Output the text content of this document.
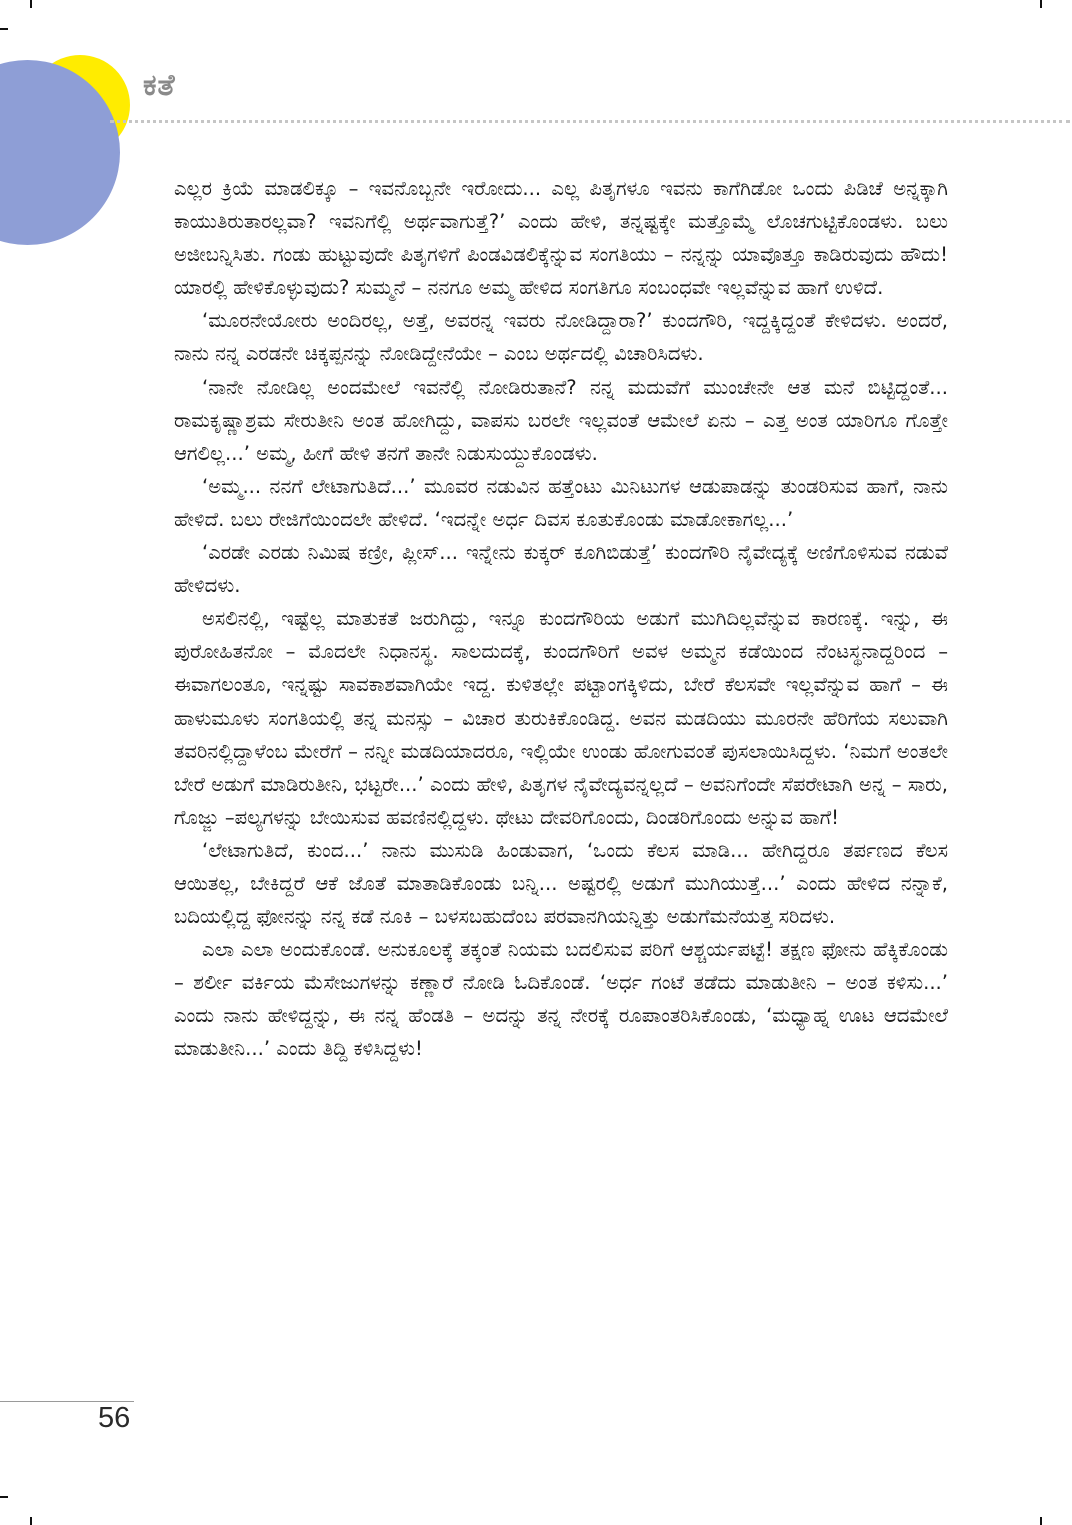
ಕತೆ

ಎಲ್ಲರ ಕ್ರಿಯೆ ಮಾಡಲಿಕ್ಕೂ – ಇವನೊಬ್ಬನೇ ಇರೋದು... ಎಲ್ಲ ಪಿತೃಗಳೂ ಇವನು ಕಾಗೆಗಿಡೋ ಒಂದು ಪಿಡಿಚೆ ಅನ್ನಕ್ಕಾಗಿ ಕಾಯುತಿರುತಾರಲ್ಲವಾ? ಇವನಿಗೆಲ್ಲಿ ಅರ್ಥವಾಗುತ್ತೆ?’ ಎಂದು ಹೇಳಿ, ತನ್ನಷ್ಟಕ್ಕೇ ಮತ್ತೊಮ್ಮೆ ಲೊಚಗುಟ್ಟಿಕೊಂಡಳು. ಬಲು ಅಜೀಬನ್ನಿಸಿತು. ಗಂಡು ಹುಟ್ಟುವುದೇ ಪಿತೃಗಳಿಗೆ ಪಿಂಡವಿಡಲಿಕ್ಕೆನ್ನುವ ಸಂಗತಿಯು – ನನ್ನನ್ನು ಯಾವೊತ್ತೂ ಕಾಡಿರುವುದು ಹೌದು! ಯಾರಲ್ಲಿ ಹೇಳಿಕೊಳ್ಳುವುದು? ಸುಮ್ಮನೆ – ನನಗೂ ಅಮ್ಮ ಹೇಳಿದ ಸಂಗತಿಗೂ ಸಂಬಂಧವೇ ಇಲ್ಲವೆನ್ನುವ ಹಾಗೆ ಉಳಿದೆ.

‘ಮೂರನೇಯೋರು ಅಂದಿರಲ್ಲ, ಅತ್ತೆ, ಅವರನ್ನ ಇವರು ನೋಡಿದ್ದಾರಾ?’ ಕುಂದಗೌರಿ, ಇದ್ದಕ್ಕಿದ್ದಂತೆ ಕೇಳಿದಳು. ಅಂದರೆ, ನಾನು ನನ್ನ ಎರಡನೇ ಚಿಕ್ಕಪ್ಪನನ್ನು ನೋಡಿದ್ದೇನೆಯೇ – ಎಂಬ ಅರ್ಥದಲ್ಲಿ ವಿಚಾರಿಸಿದಳು.

‘ನಾನೇ ನೋಡಿಲ್ಲ ಅಂದಮೇಲೆ ಇವನೆಲ್ಲಿ ನೋಡಿರುತಾನೆ? ನನ್ನ ಮದುವೆಗೆ ಮುಂಚೇನೇ ಆತ ಮನೆ ಬಿಟ್ಟಿದ್ದಂತೆ... ರಾಮಕೃಷ್ಣಾಶ್ರಮ ಸೇರುತೀನಿ ಅಂತ ಹೋಗಿದ್ದು, ವಾಪಸು ಬರಲೇ ಇಲ್ಲವಂತೆ ಆಮೇಲೆ ಏನು – ಎತ್ತ ಅಂತ ಯಾರಿಗೂ ಗೊತ್ತೇ ಆಗಲಿಲ್ಲ...’ ಅಮ್ಮ, ಹೀಗೆ ಹೇಳಿ ತನಗೆ ತಾನೇ ನಿಡುಸುಯ್ದುಕೊಂಡಳು.

‘ಅಮ್ಮ... ನನಗೆ ಲೇಟಾಗುತಿದೆ...’ ಮೂವರ ನಡುವಿನ ಹತ್ತೆಂಟು ಮಿನಿಟುಗಳ ಆಡುಪಾಡನ್ನು ತುಂಡರಿಸುವ ಹಾಗೆ, ನಾನು ಹೇಳಿದೆ. ಬಲು ರೇಜಿಗೆಯಿಂದಲೇ ಹೇಳಿದೆ. ‘ಇದನ್ನೇ ಅರ್ಧ ದಿವಸ ಕೂತುಕೊಂಡು ಮಾಡೋಕಾಗಲ್ಲ...’

‘ಎರಡೇ ಎರಡು ನಿಮಿಷ ಕಣ್ರೀ, ಪ್ಲೀಸ್... ಇನ್ನೇನು ಕುಕ್ಕರ್ ಕೂಗಿಬಿಡುತ್ತೆ’ ಕುಂದಗೌರಿ ನೈವೇದ್ಯಕ್ಕೆ ಅಣಿಗೊಳಿಸುವ ನಡುವೆ ಹೇಳಿದಳು.

ಅಸಲಿನಲ್ಲಿ, ಇಷ್ಟೆಲ್ಲ ಮಾತುಕತೆ ಜರುಗಿದ್ದು, ಇನ್ನೂ ಕುಂದಗೌರಿಯ ಅಡುಗೆ ಮುಗಿದಿಲ್ಲವೆನ್ನುವ ಕಾರಣಕ್ಕೆ. ಇನ್ನು, ಈ ಪುರೋಹಿತನೋ – ಮೊದಲೇ ನಿಧಾನಸ್ಥ. ಸಾಲದುದಕ್ಕೆ, ಕುಂದಗೌರಿಗೆ ಅವಳ ಅಮ್ಮನ ಕಡೆಯಿಂದ ನೆಂಟಸ್ಥನಾದ್ದರಿಂದ – ಈವಾಗಲಂತೂ, ಇನ್ನಷ್ಟು ಸಾವಕಾಶವಾಗಿಯೇ ಇದ್ದ. ಕುಳಿತಲ್ಲೇ ಪಟ್ಟಾಂಗಕ್ಕಿಳಿದು, ಬೇರೆ ಕೆಲಸವೇ ಇಲ್ಲವೆನ್ನುವ ಹಾಗೆ – ಈ ಹಾಳುಮೂಳು ಸಂಗತಿಯಲ್ಲಿ ತನ್ನ ಮನಸ್ಸು – ವಿಚಾರ ತುರುಕಿಕೊಂಡಿದ್ದ. ಅವನ ಮಡದಿಯು ಮೂರನೇ ಹೆರಿಗೆಯ ಸಲುವಾಗಿ ತವರಿನಲ್ಲಿದ್ದಾಳೆಂಬ ಮೇರೆಗೆ – ನನ್ನೀ ಮಡದಿಯಾದರೂ, ಇಲ್ಲಿಯೇ ಉಂಡು ಹೋಗುವಂತೆ ಪುಸಲಾಯಿಸಿದ್ದಳು. ‘ನಿಮಗೆ ಅಂತಲೇ ಬೇರೆ ಅಡುಗೆ ಮಾಡಿರುತೀನಿ, ಭಟ್ಟರೇ...’ ಎಂದು ಹೇಳಿ, ಪಿತೃಗಳ ನೈವೇದ್ಯವನ್ನಲ್ಲದೆ – ಅವನಿಗೆಂದೇ ಸೆಪರೇಟಾಗಿ ಅನ್ನ – ಸಾರು, ಗೊಜ್ಜು –ಪಲ್ಯಗಳನ್ನು ಬೇಯಿಸುವ ಹವಣಿನಲ್ಲಿದ್ದಳು. ಥೇಟು ದೇವರಿಗೊಂದು, ದಿಂಡರಿಗೊಂದು ಅನ್ನುವ ಹಾಗೆ!

‘ಲೇಟಾಗುತಿದೆ, ಕುಂದ...’ ನಾನು ಮುಸುಡಿ ಹಿಂಡುವಾಗ, ‘ಒಂದು ಕೆಲಸ ಮಾಡಿ... ಹೇಗಿದ್ದರೂ ತರ್ಪಣದ ಕೆಲಸ ಆಯಿತಲ್ಲ, ಬೇಕಿದ್ದರೆ ಆಕೆ ಜೊತೆ ಮಾತಾಡಿಕೊಂಡು ಬನ್ನಿ... ಅಷ್ಟರಲ್ಲಿ ಅಡುಗೆ ಮುಗಿಯುತ್ತೆ...’ ಎಂದು ಹೇಳಿದ ನನ್ನಾಕೆ, ಬದಿಯಲ್ಲಿದ್ದ ಫೋನನ್ನು ನನ್ನ ಕಡೆ ನೂಕಿ – ಬಳಸಬಹುದೆಂಬ ಪರವಾನಗಿಯನ್ನಿತ್ತು ಅಡುಗೆಮನೆಯತ್ತ ಸರಿದಳು.

ಎಲಾ ಎಲಾ ಅಂದುಕೊಂಡೆ. ಅನುಕೂಲಕ್ಕೆ ತಕ್ಕಂತೆ ನಿಯಮ ಬದಲಿಸುವ ಪರಿಗೆ ಆಶ್ಚರ್ಯಪಟ್ಟೆ! ತಕ್ಷಣ ಫೋನು ಹೆಕ್ಕಿಕೊಂಡು – ಶರ್ಲೀ ವರ್ಕಿಯ ಮೆಸೇಜುಗಳನ್ನು ಕಣ್ಣಾರೆ ನೋಡಿ ಓದಿಕೊಂಡೆ. ‘ಅರ್ಧ ಗಂಟೆ ತಡೆದು ಮಾಡುತೀನಿ – ಅಂತ ಕಳಿಸು...’ ಎಂದು ನಾನು ಹೇಳಿದ್ದನ್ನು, ಈ ನನ್ನ ಹೆಂಡತಿ – ಅದನ್ನು ತನ್ನ ನೇರಕ್ಕೆ ರೂಪಾಂತರಿಸಿಕೊಂಡು, ‘ಮಧ್ಯಾಹ್ನ ಊಟ ಆದಮೇಲೆ ಮಾಡುತೀನಿ...’ ಎಂದು ತಿದ್ದಿ ಕಳಿಸಿದ್ದಳು!

56
